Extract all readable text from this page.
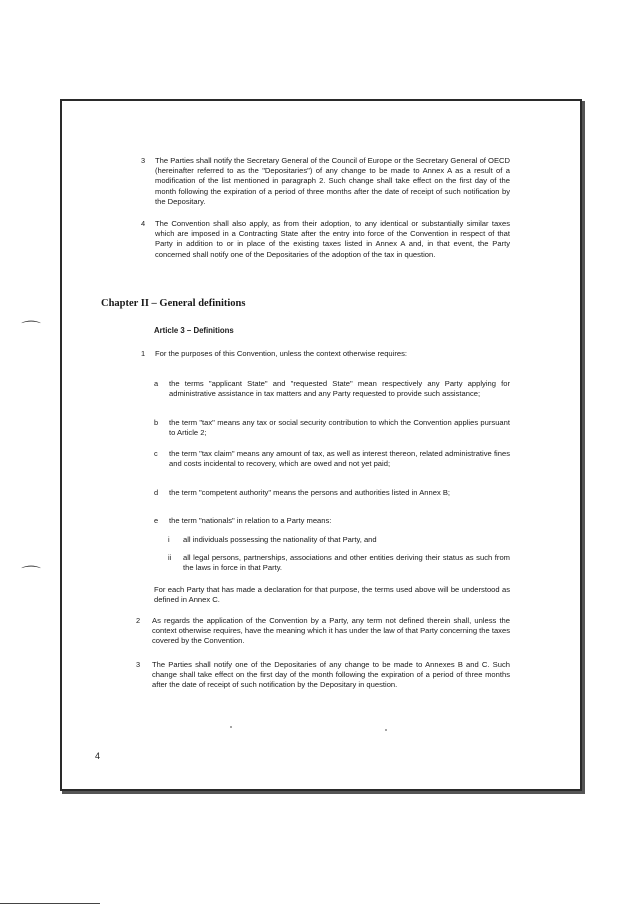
3 The Parties shall notify the Secretary General of the Council of Europe or the Secretary General of OECD (hereinafter referred to as the "Depositaries") of any change to be made to Annex A as a result of a modification of the list mentioned in paragraph 2. Such change shall take effect on the first day of the month following the expiration of a period of three months after the date of receipt of such notification by the Depositary.
4 The Convention shall also apply, as from their adoption, to any identical or substantially similar taxes which are imposed in a Contracting State after the entry into force of the Convention in respect of that Party in addition to or in place of the existing taxes listed in Annex A and, in that event, the Party concerned shall notify one of the Depositaries of the adoption of the tax in question.
Chapter II – General definitions
Article 3 – Definitions
1 For the purposes of this Convention, unless the context otherwise requires:
a the terms "applicant State" and "requested State" mean respectively any Party applying for administrative assistance in tax matters and any Party requested to provide such assistance;
b the term "tax" means any tax or social security contribution to which the Convention applies pursuant to Article 2;
c the term "tax claim" means any amount of tax, as well as interest thereon, related administrative fines and costs incidental to recovery, which are owed and not yet paid;
d the term "competent authority" means the persons and authorities listed in Annex B;
e the term "nationals" in relation to a Party means:
i all individuals possessing the nationality of that Party, and
ii all legal persons, partnerships, associations and other entities deriving their status as such from the laws in force in that Party.
For each Party that has made a declaration for that purpose, the terms used above will be understood as defined in Annex C.
2 As regards the application of the Convention by a Party, any term not defined therein shall, unless the context otherwise requires, have the meaning which it has under the law of that Party concerning the taxes covered by the Convention.
3 The Parties shall notify one of the Depositaries of any change to be made to Annexes B and C. Such change shall take effect on the first day of the month following the expiration of a period of three months after the date of receipt of such notification by the Depositary in question.
4
⌒
⌒
